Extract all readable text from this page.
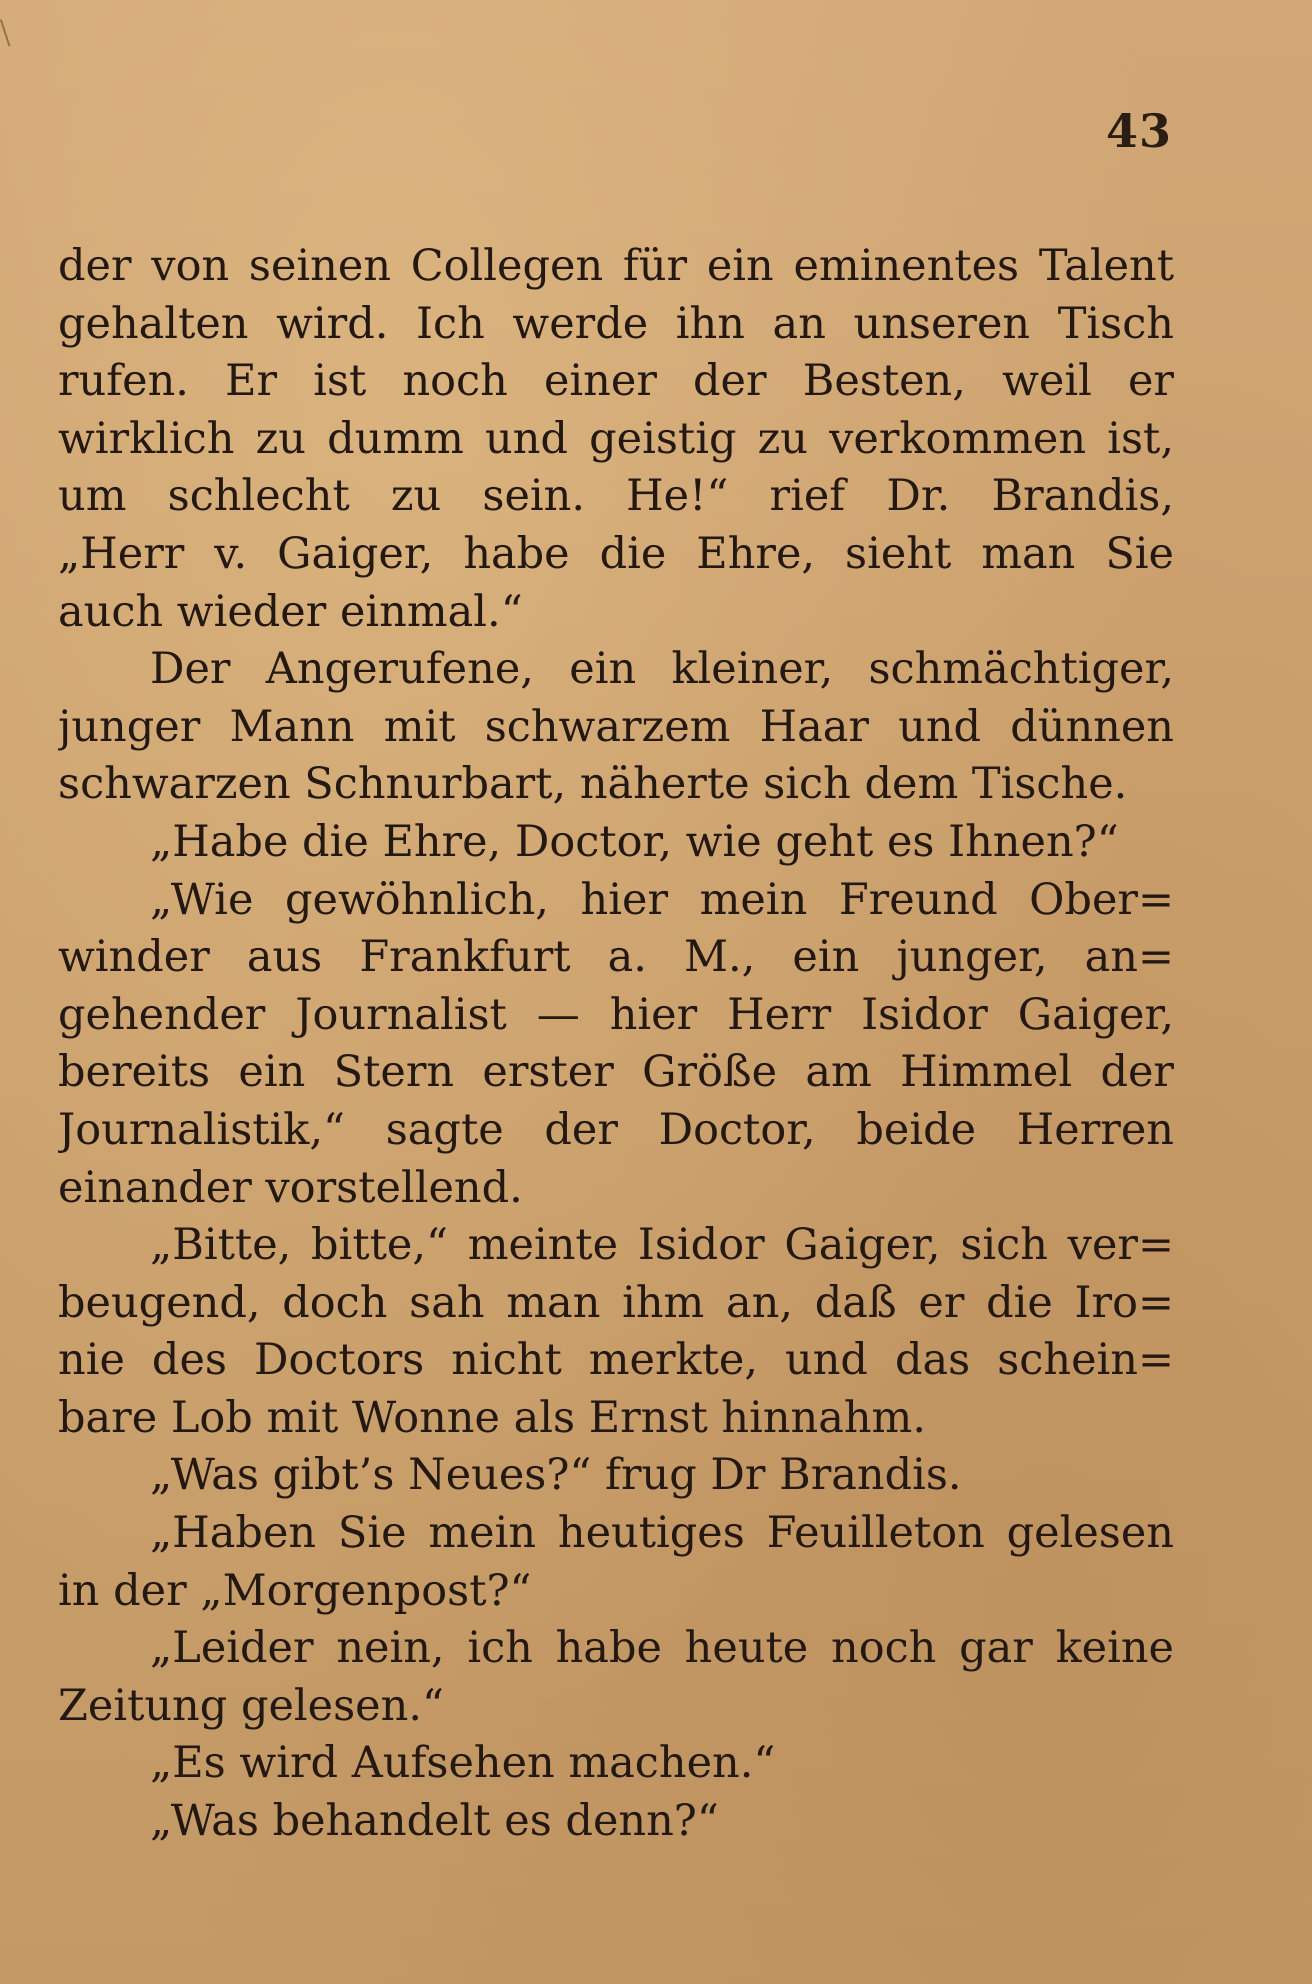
43
der von seinen Collegen für ein eminentes Talent
gehalten wird. Ich werde ihn an unseren Tisch
rufen. Er ist noch einer der Besten, weil er
wirklich zu dumm und geistig zu verkommen ist,
um schlecht zu sein. He!“ rief Dr. Brandis,
„Herr v. Gaiger, habe die Ehre, sieht man Sie
auch wieder einmal.“
Der Angerufene, ein kleiner, schmächtiger,
junger Mann mit schwarzem Haar und dünnen
schwarzen Schnurbart, näherte sich dem Tische.
„Habe die Ehre, Doctor, wie geht es Ihnen?“
„Wie gewöhnlich, hier mein Freund Ober=
winder aus Frankfurt a. M., ein junger, an=
gehender Journalist — hier Herr Isidor Gaiger,
bereits ein Stern erster Größe am Himmel der
Journalistik,“ sagte der Doctor, beide Herren
einander vorstellend.
„Bitte, bitte,“ meinte Isidor Gaiger, sich ver=
beugend, doch sah man ihm an, daß er die Iro=
nie des Doctors nicht merkte, und das schein=
bare Lob mit Wonne als Ernst hinnahm.
„Was gibt’s Neues?“ frug Dr Brandis.
„Haben Sie mein heutiges Feuilleton gelesen
in der „Morgenpost?“
„Leider nein, ich habe heute noch gar keine
Zeitung gelesen.“
„Es wird Aufsehen machen.“
„Was behandelt es denn?“
